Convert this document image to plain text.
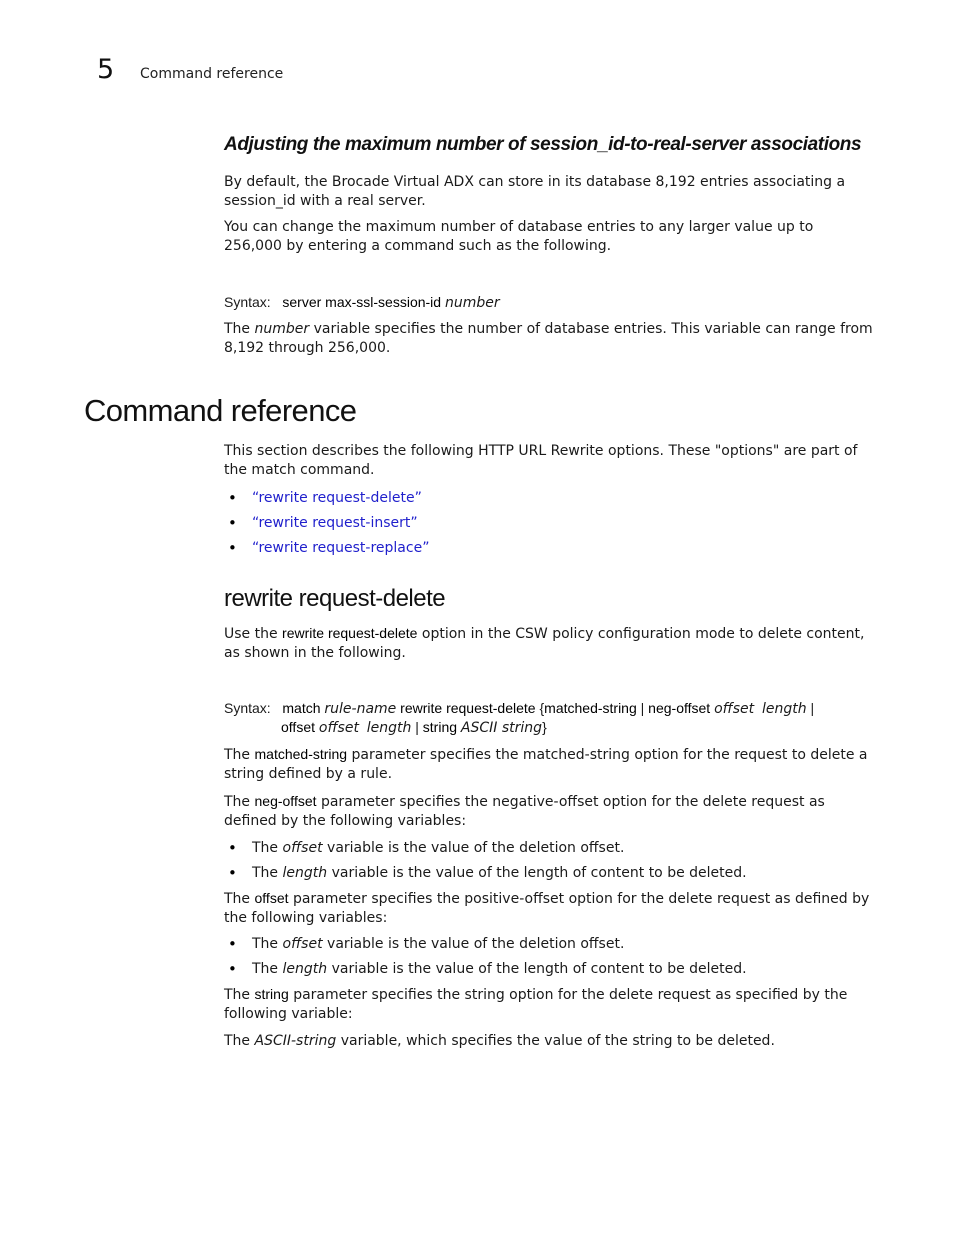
5 Command reference
Adjusting the maximum number of session_id-to-real-server associations

By default, the Brocade Virtual ADX can store in its database 8,192 entries associating a session_id with a real server.

You can change the maximum number of database entries to any larger value up to 256,000 by entering a command such as the following.

Syntax: server max-ssl-session-id number

The number variable specifies the number of database entries. This variable can range from 8,192 through 256,000.

Command reference

This section describes the following HTTP URL Rewrite options. These "options" are part of the match command.

• “rewrite request-delete”
• “rewrite request-insert”
• “rewrite request-replace”
rewrite request-delete

Use the rewrite request-delete option in the CSW policy configuration mode to delete content, as shown in the following.

Syntax: match rule-name rewrite request-delete {matched-string | neg-offset offset length |
offset offset length | string ASCII string}

The matched-string parameter specifies the matched-string option for the request to delete a string defined by a rule.

The neg-offset parameter specifies the negative-offset option for the delete request as defined by the following variables:

• The offset variable is the value of the deletion offset.
• The length variable is the value of the length of content to be deleted.

The offset parameter specifies the positive-offset option for the delete request as defined by the following variables:

• The offset variable is the value of the deletion offset.
• The length variable is the value of the length of content to be deleted.

The string parameter specifies the string option for the delete request as specified by the following variable:

The ASCII-string variable, which specifies the value of the string to be deleted.
